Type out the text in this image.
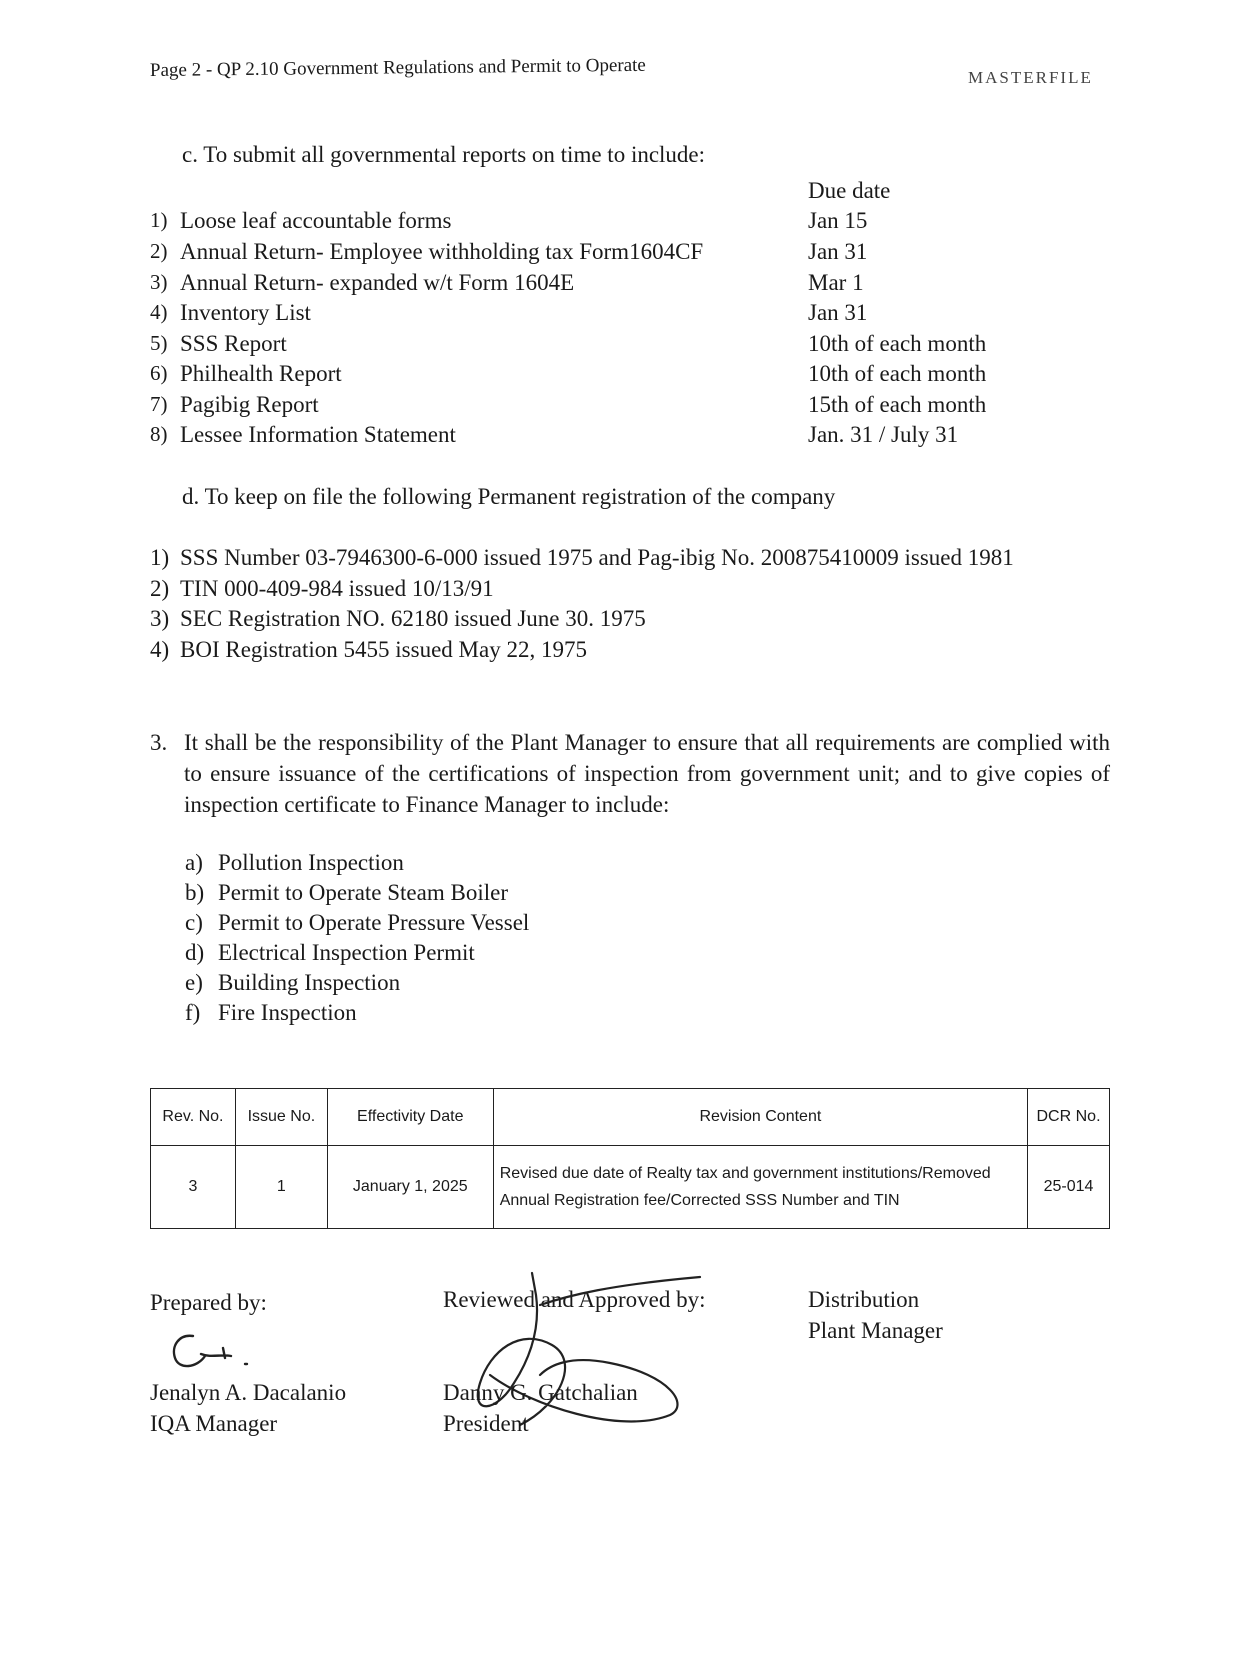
Page 2 - QP 2.10 Government Regulations and Permit to Operate	MASTERFILE
c. To submit all governmental reports on time to include:
Due date
1) Loose leaf accountable forms	Jan 15
2) Annual Return- Employee withholding tax Form1604CF	Jan 31
3) Annual Return- expanded w/t Form 1604E	Mar 1
4) Inventory List	Jan 31
5) SSS Report	10th of each month
6) Philhealth Report	10th of each month
7) Pagibig Report	15th of each month
8) Lessee Information Statement	Jan. 31 / July 31
d. To keep on file the following Permanent registration of the company
1) SSS Number 03-7946300-6-000 issued 1975 and Pag-ibig No. 200875410009 issued 1981
2) TIN 000-409-984 issued 10/13/91
3) SEC Registration NO. 62180 issued June 30. 1975
4) BOI Registration 5455 issued May 22, 1975
3. It shall be the responsibility of the Plant Manager to ensure that all requirements are complied with to ensure issuance of the certifications of inspection from government unit; and to give copies of inspection certificate to Finance Manager to include:
a) Pollution Inspection
b) Permit to Operate Steam Boiler
c) Permit to Operate Pressure Vessel
d) Electrical Inspection Permit
e) Building Inspection
f) Fire Inspection
Rev. No.	Issue No.	Effectivity Date	Revision Content	DCR No.
3	1	January 1, 2025	Revised due date of Realty tax and government institutions/Removed Annual Registration fee/Corrected SSS Number and TIN	25-014
Prepared by:
Jenalyn A. Dacalanio
IQA Manager
Reviewed and Approved by:
Danny G. Gatchalian
President
Distribution
Plant Manager
